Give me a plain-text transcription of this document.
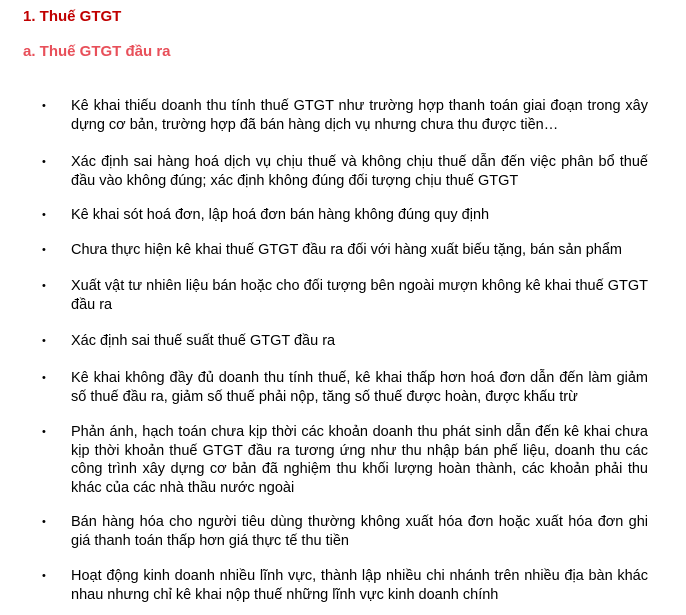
1. Thuế GTGT
a. Thuế GTGT đầu ra
•	Kê khai thiếu doanh thu tính thuế GTGT như trường hợp thanh toán giai đoạn trong xây dựng cơ bản, trường hợp đã bán hàng dịch vụ nhưng chưa thu được tiền…
•	Xác định sai hàng hoá dịch vụ chịu thuế và không chịu thuế dẫn đến việc phân bổ thuế đầu vào không đúng; xác định không đúng đối tượng chịu thuế GTGT
•	Kê khai sót hoá đơn, lập hoá đơn bán hàng không đúng quy định
•	Chưa thực hiện kê khai thuế GTGT đầu ra đối với hàng xuất biếu tặng, bán sản phẩm
•	Xuất vật tư nhiên liệu bán hoặc cho đối tượng bên ngoài mượn không kê khai thuế GTGT đầu ra
•	Xác định sai thuế suất thuế GTGT đầu ra
•	Kê khai không đầy đủ doanh thu tính thuế, kê khai thấp hơn hoá đơn dẫn đến làm giảm số thuế đầu ra, giảm số thuế phải nộp, tăng số thuế được hoàn, được khấu trừ
•	Phản ánh, hạch toán chưa kịp thời các khoản doanh thu phát sinh dẫn đến kê khai chưa kịp thời khoản thuế GTGT đầu ra tương ứng như thu nhập bán phế liệu, doanh thu các công trình xây dựng cơ bản đã nghiệm thu khối lượng hoàn thành, các khoản phải thu khác của các nhà thầu nước ngoài
•	Bán hàng hóa cho người tiêu dùng thường không xuất hóa đơn hoặc xuất hóa đơn ghi giá thanh toán thấp hơn giá thực tế thu tiền
•	Hoạt động kinh doanh nhiều lĩnh vực, thành lập nhiều chi nhánh trên nhiều địa bàn khác nhau nhưng chỉ kê khai nộp thuế những lĩnh vực kinh doanh chính
